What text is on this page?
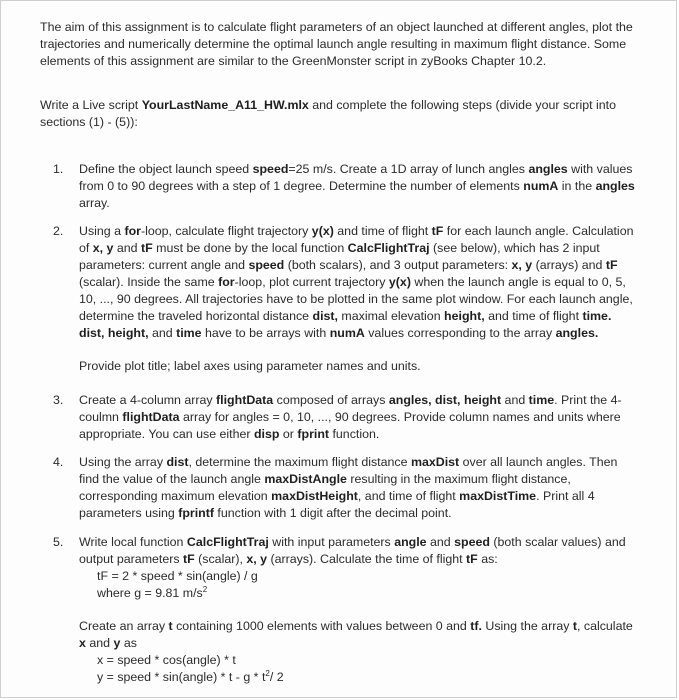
The aim of this assignment is to calculate flight parameters of an object launched at different angles, plot the trajectories and numerically determine the optimal launch angle resulting in maximum flight distance. Some elements of this assignment are similar to the GreenMonster script in zyBooks Chapter 10.2.
Write a Live script YourLastName_A11_HW.mlx and complete the following steps (divide your script into sections (1) - (5)):
1. Define the object launch speed speed=25 m/s. Create a 1D array of lunch angles angles with values from 0 to 90 degrees with a step of 1 degree. Determine the number of elements numA in the angles array.
2. Using a for-loop, calculate flight trajectory y(x) and time of flight tF for each launch angle. Calculation of x, y and tF must be done by the local function CalcFlightTraj (see below), which has 2 input parameters: current angle and speed (both scalars), and 3 output parameters: x, y (arrays) and tF (scalar). Inside the same for-loop, plot current trajectory y(x) when the launch angle is equal to 0, 5, 10, ..., 90 degrees. All trajectories have to be plotted in the same plot window. For each launch angle, determine the traveled horizontal distance dist, maximal elevation height, and time of flight time. dist, height, and time have to be arrays with numA values corresponding to the array angles.
Provide plot title; label axes using parameter names and units.
3. Create a 4-column array flightData composed of arrays angles, dist, height and time. Print the 4-coulmn flightData array for angles = 0, 10, ..., 90 degrees. Provide column names and units where appropriate. You can use either disp or fprint function.
4. Using the array dist, determine the maximum flight distance maxDist over all launch angles. Then find the value of the launch angle maxDistAngle resulting in the maximum flight distance, corresponding maximum elevation maxDistHeight, and time of flight maxDistTime. Print all 4 parameters using fprintf function with 1 digit after the decimal point.
5. Write local function CalcFlightTraj with input parameters angle and speed (both scalar values) and output parameters tF (scalar), x, y (arrays). Calculate the time of flight tF as:
tF = 2 * speed * sin(angle) / g
where g = 9.81 $m/s^2$
Create an array t containing 1000 elements with values between 0 and tf. Using the array t, calculate x and y as
x = speed * cos(angle) * t
y = speed * sin(angle) * t - g * $t^2/$ 2
